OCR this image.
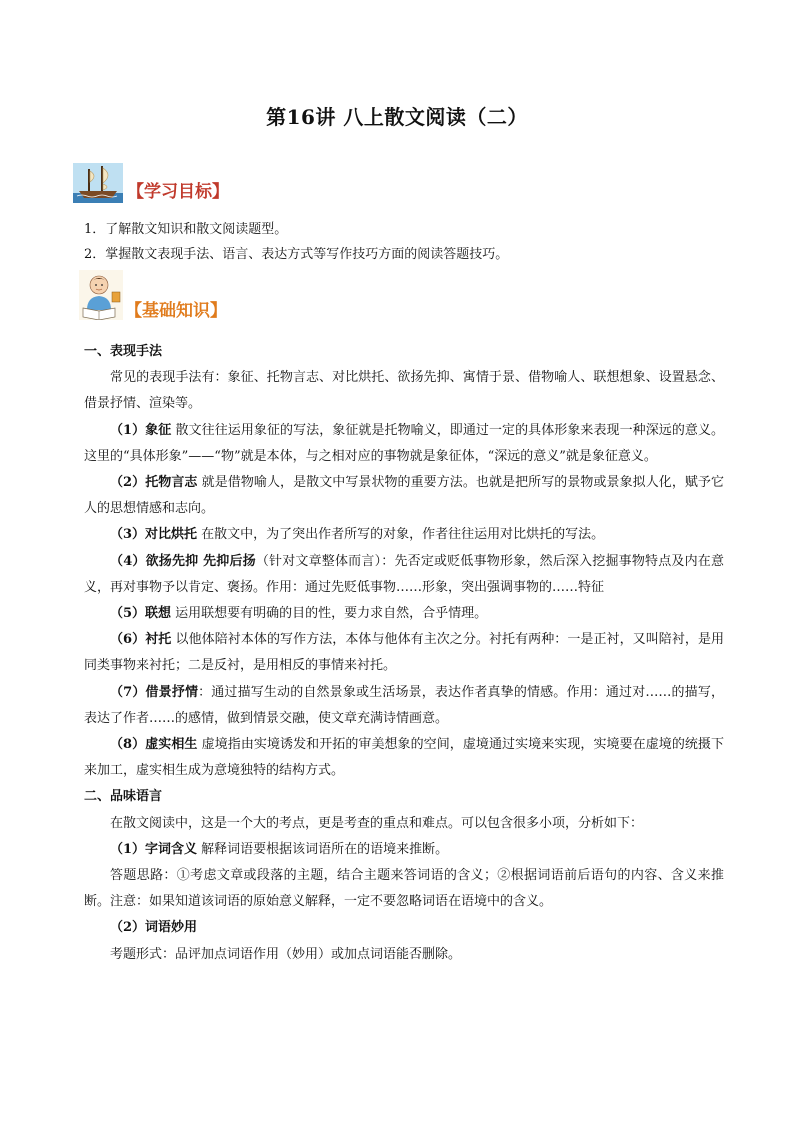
第16讲 八上散文阅读（二）
【学习目标】
1．了解散文知识和散文阅读题型。
2．掌握散文表现手法、语言、表达方式等写作技巧方面的阅读答题技巧。
【基础知识】

一、表现手法

常见的表现手法有：象征、托物言志、对比烘托、欲扬先抑、寓情于景、借物喻人、联想想象、设置悬念、借景抒情、渲染等。

（1）象征 散文往往运用象征的写法，象征就是托物喻义，即通过一定的具体形象来表现一种深远的意义。这里的“具体形象”——“物”就是本体，与之相对应的事物就是象征体，“深远的意义”就是象征意义。

（2）托物言志 就是借物喻人，是散文中写景状物的重要方法。也就是把所写的景物或景象拟人化，赋予它人的思想情感和志向。

（3）对比烘托 在散文中，为了突出作者所写的对象，作者往往运用对比烘托的写法。

（4）欲扬先抑 先抑后扬（针对文章整体而言）：先否定或贬低事物形象，然后深入挖掘事物特点及内在意义，再对事物予以肯定、褒扬。作用：通过先贬低事物……形象，突出强调事物的……特征

（5）联想 运用联想要有明确的目的性，要力求自然，合乎情理。

（6）衬托 以他体陪衬本体的写作方法，本体与他体有主次之分。衬托有两种：一是正衬，又叫陪衬，是用同类事物来衬托；二是反衬，是用相反的事情来衬托。

（7）借景抒情：通过描写生动的自然景象或生活场景，表达作者真挚的情感。作用：通过对……的描写，表达了作者……的感情，做到情景交融，使文章充满诗情画意。

（8）虚实相生 虚境指由实境诱发和开拓的审美想象的空间，虚境通过实境来实现，实境要在虚境的统摄下来加工，虚实相生成为意境独特的结构方式。

二、品味语言

在散文阅读中，这是一个大的考点，更是考查的重点和难点。可以包含很多小项，分析如下：

（1）字词含义 解释词语要根据该词语所在的语境来推断。

答题思路：①考虑文章或段落的主题，结合主题来答词语的含义；②根据词语前后语句的内容、含义来推断。注意：如果知道该词语的原始意义解释，一定不要忽略词语在语境中的含义。

（2）词语妙用

考题形式：品评加点词语作用（妙用）或加点词语能否删除。
